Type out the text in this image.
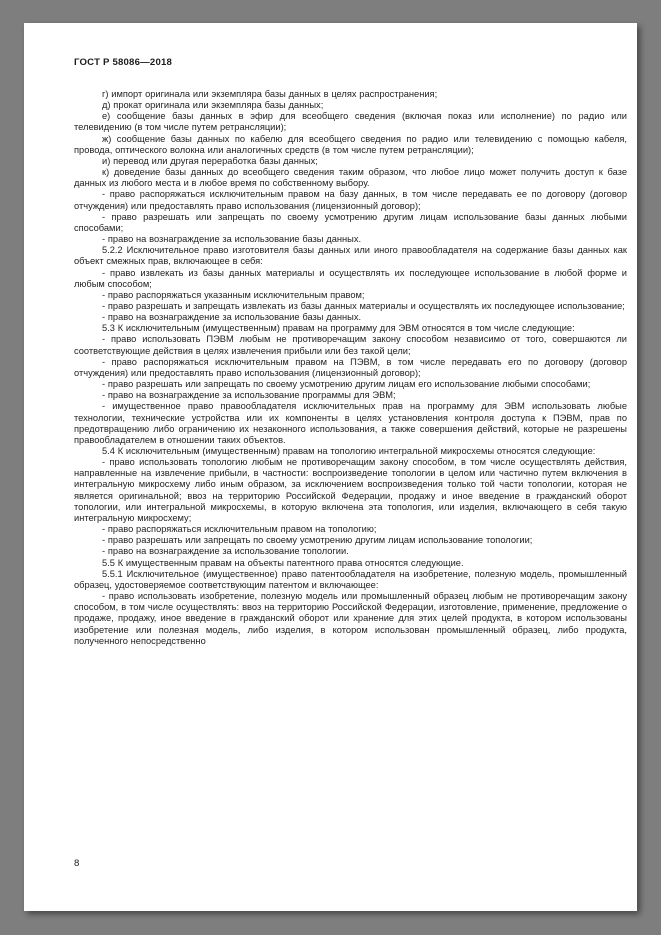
ГОСТ Р 58086—2018

г) импорт оригинала или экземпляра базы данных в целях распространения;

д) прокат оригинала или экземпляра базы данных;

е) сообщение базы данных в эфир для всеобщего сведения (включая показ или исполнение) по радио или телевидению (в том числе путем ретрансляции);

ж) сообщение базы данных по кабелю для всеобщего сведения по радио или телевидению с помощью кабеля, провода, оптического волокна или аналогичных средств (в том числе путем ретрансляции);

и) перевод или другая переработка базы данных;

к) доведение базы данных до всеобщего сведения таким образом, что любое лицо может получить доступ к базе данных из любого места и в любое время по собственному выбору.

- право распоряжаться исключительным правом на базу данных, в том числе передавать ее по договору (договор отчуждения) или предоставлять право использования (лицензионный договор);

- право разрешать или запрещать по своему усмотрению другим лицам использование базы данных любыми способами;

- право на вознаграждение за использование базы данных.

5.2.2 Исключительное право изготовителя базы данных или иного правообладателя на содержание базы данных как объект смежных прав, включающее в себя:

- право извлекать из базы данных материалы и осуществлять их последующее использование в любой форме и любым способом;

- право распоряжаться указанным исключительным правом;

- право разрешать и запрещать извлекать из базы данных материалы и осуществлять их последующее использование;

- право на вознаграждение за использование базы данных.

5.3 К исключительным (имущественным) правам на программу для ЭВМ относятся в том числе следующие:

- право использовать ПЭВМ любым не противоречащим закону способом независимо от того, совершаются ли соответствующие действия в целях извлечения прибыли или без такой цели;

- право распоряжаться исключительным правом на ПЭВМ, в том числе передавать его по договору (договор отчуждения) или предоставлять право использования (лицензионный договор);

- право разрешать или запрещать по своему усмотрению другим лицам его использование любыми способами;

- право на вознаграждение за использование программы для ЭВМ;

- имущественное право правообладателя исключительных прав на программу для ЭВМ использовать любые технологии, технические устройства или их компоненты в целях установления контроля доступа к ПЭВМ, прав по предотвращению либо ограничению их незаконного использования, а также совершения действий, которые не разрешены правообладателем в отношении таких объектов.

5.4 К исключительным (имущественным) правам на топологию интегральной микросхемы относятся следующие:

- право использовать топологию любым не противоречащим закону способом, в том числе осуществлять действия, направленные на извлечение прибыли, в частности: воспроизведение топологии в целом или частично путем включения в интегральную микросхему либо иным образом, за исключением воспроизведения только той части топологии, которая не является оригинальной; ввоз на территорию Российской Федерации, продажу и иное введение в гражданский оборот топологии, или интегральной микросхемы, в которую включена эта топология, или изделия, включающего в себя такую интегральную микросхему;

- право распоряжаться исключительным правом на топологию;

- право разрешать или запрещать по своему усмотрению другим лицам использование топологии;

- право на вознаграждение за использование топологии.

5.5 К имущественным правам на объекты патентного права относятся следующие.

5.5.1 Исключительное (имущественное) право патентообладателя на изобретение, полезную модель, промышленный образец, удостоверяемое соответствующим патентом и включающее:

- право использовать изобретение, полезную модель или промышленный образец любым не противоречащим закону способом, в том числе осуществлять: ввоз на территорию Российской Федерации, изготовление, применение, предложение о продаже, продажу, иное введение в гражданский оборот или хранение для этих целей продукта, в котором использованы изобретение или полезная модель, либо изделия, в котором использован промышленный образец, либо продукта, полученного непосредственно

8
